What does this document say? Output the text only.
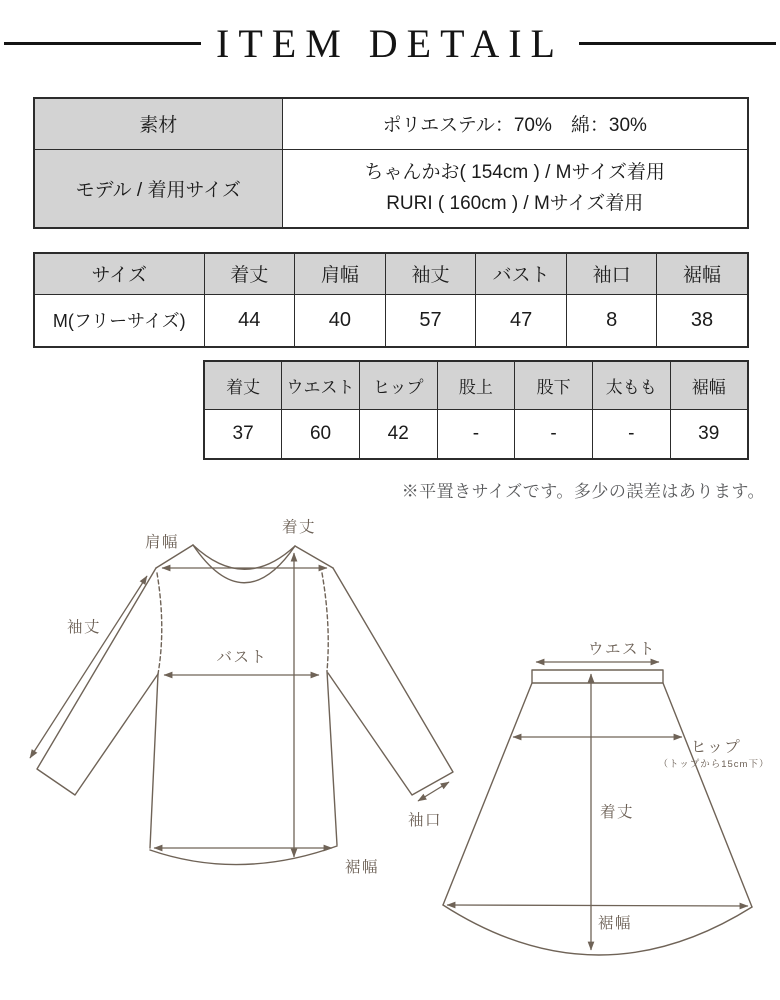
ITEM DETAIL
素材	ポリエステル：70%　綿：30%
モデル / 着用サイズ	ちゃんかお( 154cm ) / Mサイズ着用
RURI ( 160cm ) / Mサイズ着用
サイズ	着丈	肩幅	袖丈	バスト	袖口	裾幅
M(フリーサイズ)	44	40	57	47	8	38
着丈	ウエスト	ヒップ	股上	股下	太もも	裾幅
37	60	42	-	-	-	39
※平置きサイズです。多少の誤差はあります。
着丈
肩幅
袖丈
バスト
袖口
裾幅
ウエスト
ヒップ
（トップから15cm下）
着丈
裾幅
